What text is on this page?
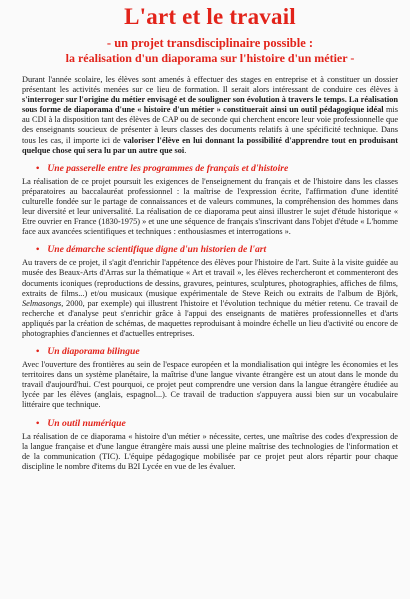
L'art et le travail
- un projet transdisciplinaire possible :
la réalisation d'un diaporama sur l'histoire d'un métier -

Durant l'année scolaire, les élèves sont amenés à effectuer des stages en entreprise et à constituer un dossier présentant les activités menées sur ce lieu de formation. Il serait alors intéressant de conduire ces élèves à s'interroger sur l'origine du métier envisagé et de souligner son évolution à travers le temps. La réalisation sous forme de diaporama d'une « histoire d'un métier » constituerait ainsi un outil pédagogique idéal mis au CDI à la disposition tant des élèves de CAP ou de seconde qui cherchent encore leur voie professionnelle que des enseignants soucieux de présenter à leurs classes des documents relatifs à une spécificité technique. Dans tous les cas, il importe ici de valoriser l'élève en lui donnant la possibilité d'apprendre tout en produisant quelque chose qui sera lu par un autre que soi.

• Une passerelle entre les programmes de français et d'histoire

La réalisation de ce projet poursuit les exigences de l'enseignement du français et de l'histoire dans les classes préparatoires au baccalauréat professionnel : la maîtrise de l'expression écrite, l'affirmation d'une identité culturelle fondée sur le partage de connaissances et de valeurs communes, la compréhension des hommes dans leur diversité et leur universalité. La réalisation de ce diaporama peut ainsi illustrer le sujet d'étude historique « Etre ouvrier en France (1830-1975) » et une une séquence de français s'inscrivant dans l'objet d'étude « L'homme face aux avancées scientifiques et techniques : enthousiasmes et interrogations ».

• Une démarche scientifique digne d'un historien de l'art

Au travers de ce projet, il s'agit d'enrichir l'appétence des élèves pour l'histoire de l'art. Suite à la visite guidée au musée des Beaux-Arts d'Arras sur la thématique « Art et travail », les élèves rechercheront et commenteront des documents iconiques (reproductions de dessins, gravures, peintures, sculptures, photographies, affiches de films, extraits de films...) et/ou musicaux (musique expérimentale de Steve Reich ou extraits de l'album de Björk, Selmasongs, 2000, par exemple) qui illustrent l'histoire et l'évolution technique du métier retenu. Ce travail de recherche et d'analyse peut s'enrichir grâce à l'appui des enseignants de matières professionnelles et d'arts appliqués par la création de schémas, de maquettes reproduisant à moindre échelle un lieu d'activité ou encore de photographies d'anciennes et d'actuelles entreprises.

• Un diaporama bilingue

Avec l'ouverture des frontières au sein de l'espace européen et la mondialisation qui intègre les économies et les territoires dans un système planétaire, la maîtrise d'une langue vivante étrangère est un atout dans le monde du travail d'aujourd'hui. C'est pourquoi, ce projet peut comprendre une version dans la langue étrangère étudiée au lycée par les élèves (anglais, espagnol...). Ce travail de traduction s'appuyera aussi bien sur un vocabulaire littéraire que technique.

• Un outil numérique

La réalisation de ce diaporama « histoire d'un métier » nécessite, certes, une maîtrise des codes d'expression de la langue française et d'une langue étrangère mais aussi une pleine maîtrise des technologies de l'information et de la communication (TIC). L'équipe pédagogique mobilisée par ce projet peut alors répartir pour chaque discipline le nombre d'items du B2I Lycée en vue de les évaluer.
